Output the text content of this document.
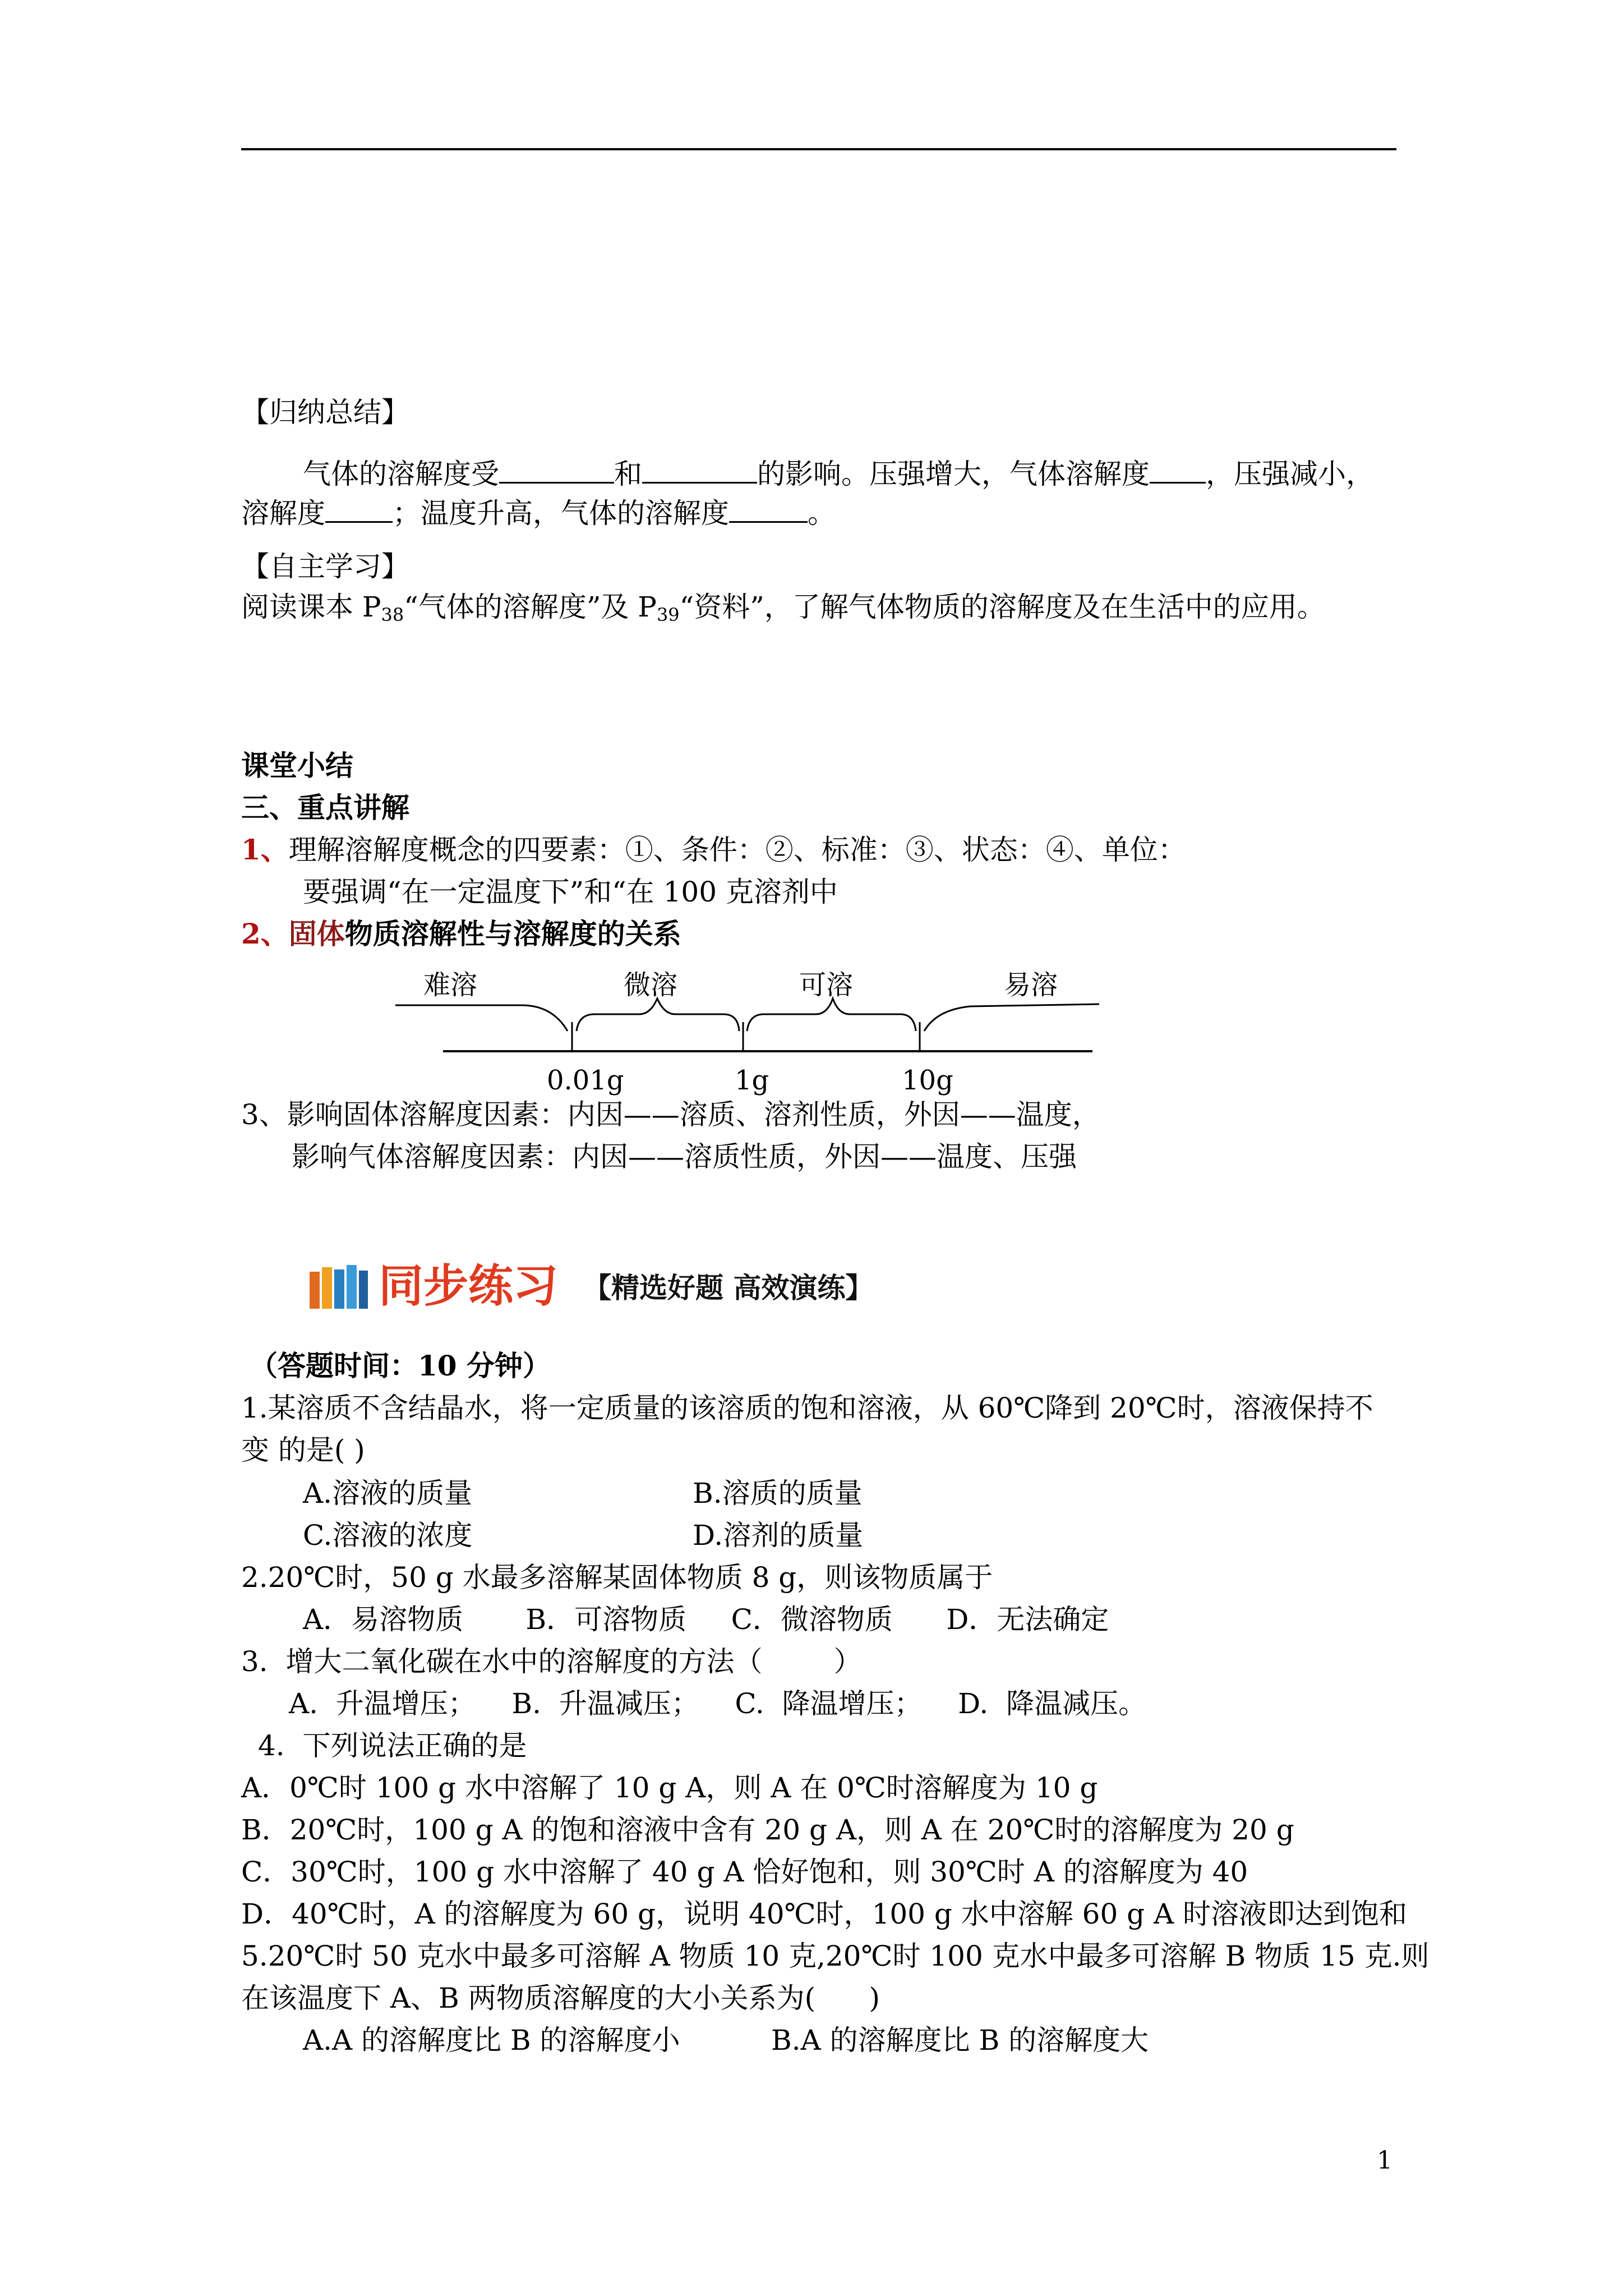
【归纳总结】
气体的溶解度受	和	的影响。压强增大，气体溶解度 ，压强减小，
溶解度 ；温度升高，气体的溶解度	。
【自主学习】
阅读课本 $P_{38}“$气体的溶解度”及 $P_{39}“$资料”，了解气体物质的溶解度及在生活中的应用。
课堂小结
三、重点讲解
1、理解溶解度概念的四要素：①、条件：②、标准：③、状态：④、单位：
要强调“在一定温度下”和“在 100 克溶剂中
2、固体物质溶解性与溶解度的关系
难溶	微溶	可溶	易溶
0.01g	1g	10g
3、影响固体溶解度因素：内因——溶质、溶剂性质，外因——温度，
影响气体溶解度因素：内因——溶质性质，外因——温度、压强
同步练习 【精选好题 高效演练】
（答题时间：10 分钟）
1.某溶质不含结晶水，将一定质量的该溶质的饱和溶液，从 60℃降到 20℃时，溶液保持不
变 的是( )
A.溶液的质量	B.溶质的质量
C.溶液的浓度	D.溶剂的质量
2.20℃时，50 g 水最多溶解某固体物质 8 g，则该物质属于
A．易溶物质       B．可溶物质     C．微溶物质      D．无法确定
3.  增大二氧化碳在水中的溶解度的方法（        ）
A.  升温增压；    B.  升温减压；    C.  降温增压；    D.  降温减压。
4.  下列说法正确的是
A．0℃时 100 g 水中溶解了 10 g A，则 A 在 0℃时溶解度为 10 g
B．20℃时，100 g A 的饱和溶液中含有 20 g A，则 A 在 20℃时的溶解度为 20 g
C．30℃时，100 g 水中溶解了 40 g A 恰好饱和，则 30℃时 A 的溶解度为 40
D．40℃时，A 的溶解度为 60 g，说明 40℃时，100 g 水中溶解 60 g A 时溶液即达到饱和
5.20℃时 50 克水中最多可溶解 A 物质 10 克,20℃时 100 克水中最多可溶解 B 物质 15 克.则
在该温度下 A、B 两物质溶解度的大小关系为(      )
A.A 的溶解度比 B 的溶解度小	B.A 的溶解度比 B 的溶解度大
1
